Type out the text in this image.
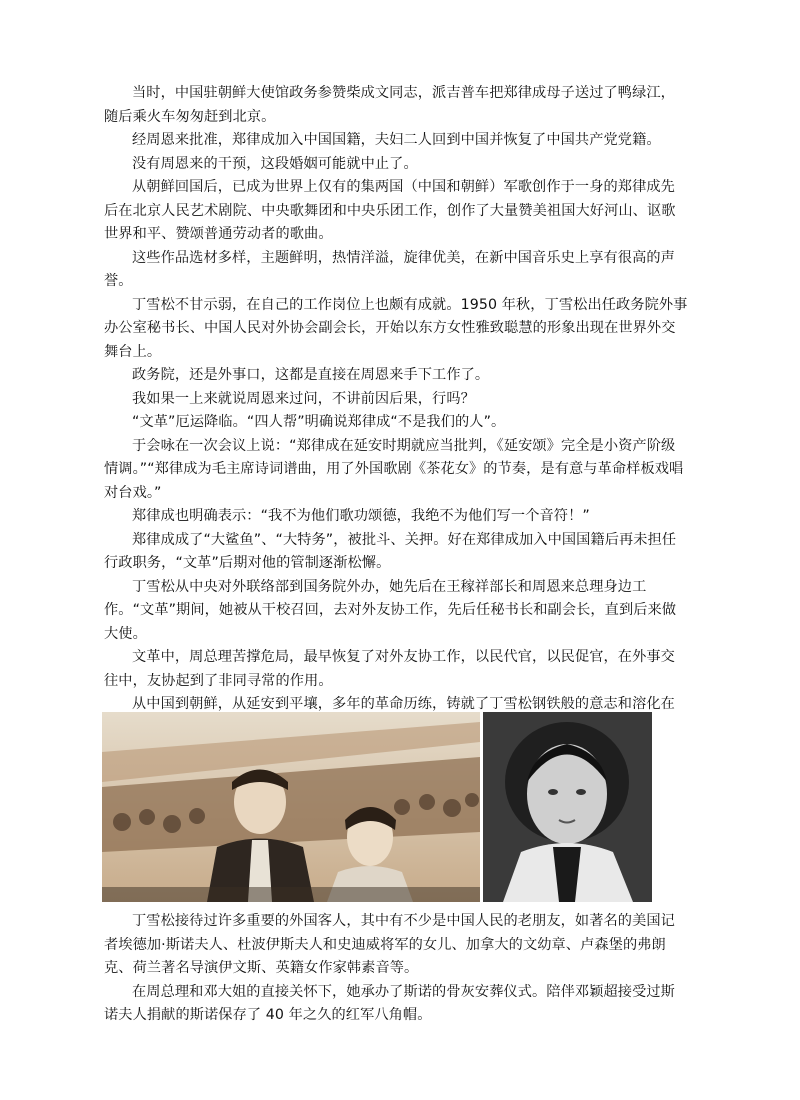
当时，中国驻朝鲜大使馆政务参赞柴成文同志，派吉普车把郑律成母子送过了鸭绿江，随后乘火车匆匆赶到北京。

经周恩来批准，郑律成加入中国国籍，夫妇二人回到中国并恢复了中国共产党党籍。

没有周恩来的干预，这段婚姻可能就中止了。

从朝鲜回国后，已成为世界上仅有的集两国（中国和朝鲜）军歌创作于一身的郑律成先后在北京人民艺术剧院、中央歌舞团和中央乐团工作，创作了大量赞美祖国大好河山、讴歌世界和平、赞颂普通劳动者的歌曲。

这些作品选材多样，主题鲜明，热情洋溢，旋律优美，在新中国音乐史上享有很高的声誉。

丁雪松不甘示弱，在自己的工作岗位上也颇有成就。1950 年秋，丁雪松出任政务院外事办公室秘书长、中国人民对外协会副会长，开始以东方女性雅致聪慧的形象出现在世界外交舞台上。

政务院，还是外事口，这都是直接在周恩来手下工作了。

我如果一上来就说周恩来过问，不讲前因后果，行吗？

“文革”厄运降临。“四人帮”明确说郑律成“不是我们的人”。

于会咏在一次会议上说：“郑律成在延安时期就应当批判，《延安颂》完全是小资产阶级情调。”“郑律成为毛主席诗词谱曲，用了外国歌剧《茶花女》的节奏，是有意与革命样板戏唱对台戏。”

郑律成也明确表示：“我不为他们歌功颂德，我绝不为他们写一个音符！”

郑律成成了“大鲨鱼”、“大特务”，被批斗、关押。好在郑律成加入中国国籍后再未担任行政职务，“文革”后期对他的管制逐渐松懈。

丁雪松从中央对外联络部到国务院外办，她先后在王稼祥部长和周恩来总理身边工作。“文革”期间，她被从干校召回，去对外友协工作，先后任秘书长和副会长，直到后来做大使。

文革中，周总理苦撑危局，最早恢复了对外友协工作，以民代官，以民促官，在外事交往中，友协起到了非同寻常的作用。

从中国到朝鲜，从延安到平壤，多年的革命历练，铸就了丁雪松钢铁般的意志和溶化在

丁雪松接待过许多重要的外国客人，其中有不少是中国人民的老朋友，如著名的美国记者埃德加·斯诺夫人、杜波伊斯夫人和史迪威将军的女儿、加拿大的文幼章、卢森堡的弗朗克、荷兰著名导演伊文斯、英籍女作家韩素音等。

在周总理和邓大姐的直接关怀下，她承办了斯诺的骨灰安葬仪式。陪伴邓颖超接受过斯诺夫人捐献的斯诺保存了 40 年之久的红军八角帽。
